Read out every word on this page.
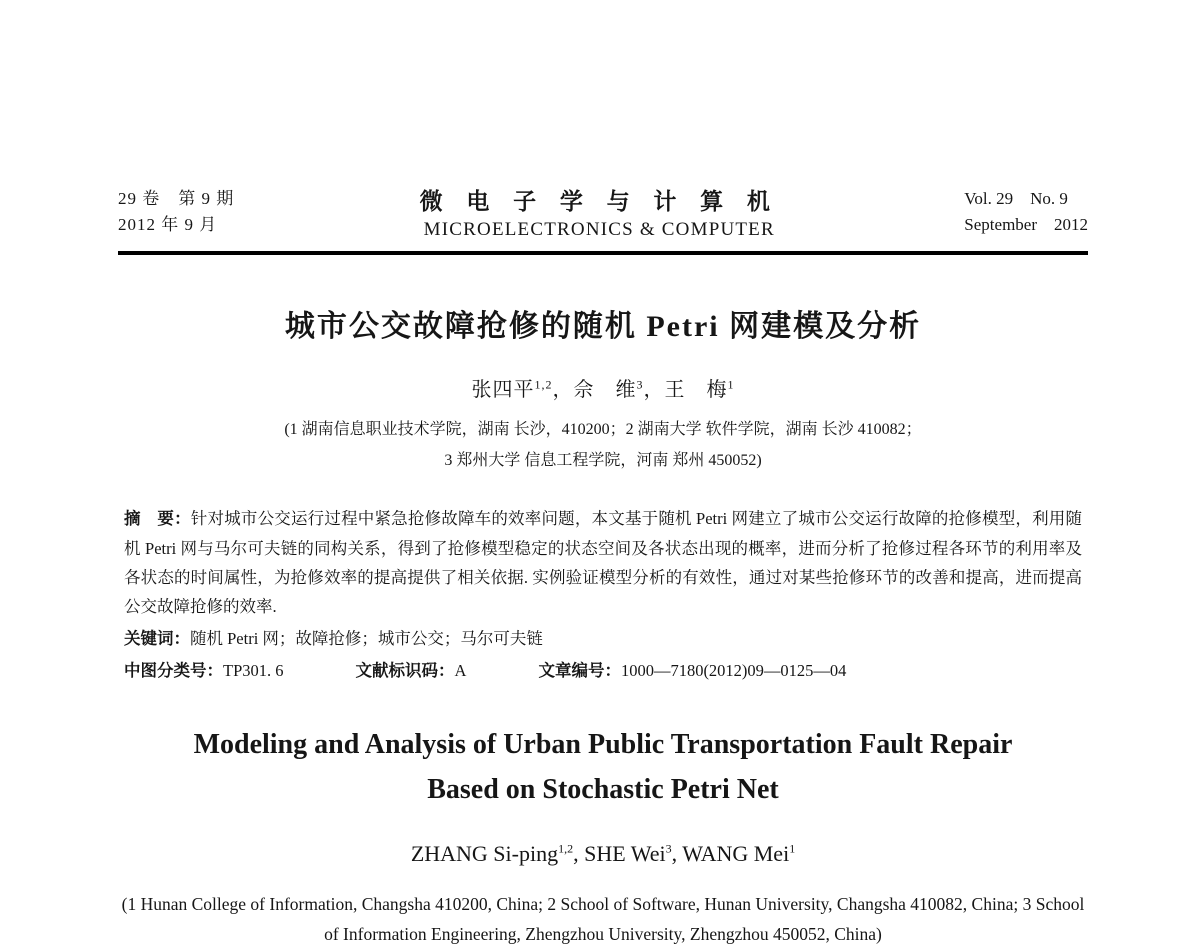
29 卷　第 9 期
2012 年 9 月
微 电 子 学 与 计 算 机
MICROELECTRONICS & COMPUTER
Vol. 29　No. 9
September　2012
城市公交故障抢修的随机 Petri 网建模及分析
张四平$^{1,2}$，佘　维$^3$，王　梅$^1$
(1 湖南信息职业技术学院，湖南 长沙，410200；2 湖南大学 软件学院，湖南 长沙 410082；
3 郑州大学 信息工程学院，河南 郑州 450052)

摘　要：针对城市公交运行过程中紧急抢修故障车的效率问题，本文基于随机 Petri 网建立了城市公交运行故障的抢修模型，利用随机 Petri 网与马尔可夫链的同构关系，得到了抢修模型稳定的状态空间及各状态出现的概率，进而分析了抢修过程各环节的利用率及各状态的时间属性，为抢修效率的提高提供了相关依据. 实例验证模型分析的有效性，通过对某些抢修环节的改善和提高，进而提高公交故障抢修的效率.

关键词：随机 Petri 网；故障抢修；城市公交；马尔可夫链

中图分类号：TP301. 6	文献标识码：A	文章编号：1000—7180(2012)09—0125—04
Modeling and Analysis of Urban Public Transportation Fault Repair Based on Stochastic Petri Net
ZHANG Si-ping$^{1,2}$, SHE Wei$^3$, WANG Mei$^1$
(1 Hunan College of Information, Changsha 410200, China; 2 School of Software, Hunan University, Changsha 410082, China; 3 School of Information Engineering, Zhengzhou University, Zhengzhou 450052, China)
